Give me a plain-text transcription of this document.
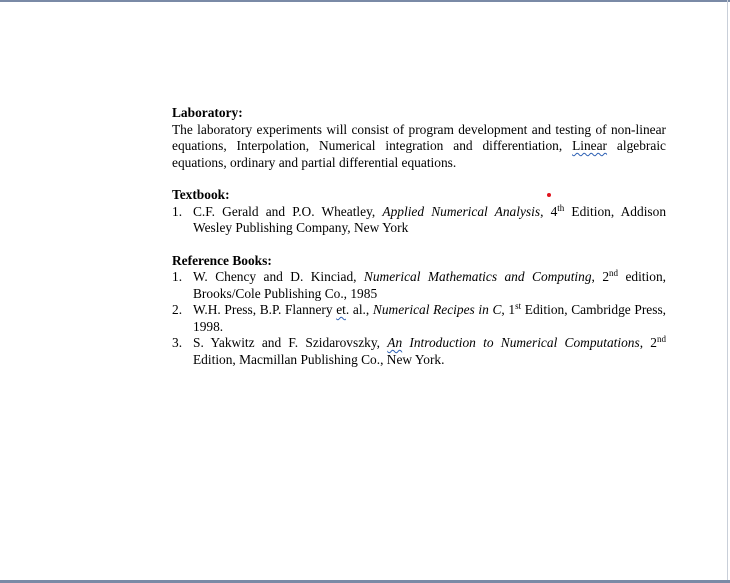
Laboratory:

The laboratory experiments will consist of program development and testing of non-linear equations, Interpolation, Numerical integration and differentiation, Linear algebraic equations, ordinary and partial differential equations.

Textbook:

1. C.F. Gerald and P.O. Wheatley, Applied Numerical Analysis, 4th Edition, Addison Wesley Publishing Company, New York

Reference Books:

1. W. Chency and D. Kinciad, Numerical Mathematics and Computing, 2nd edition, Brooks/Cole Publishing Co., 1985
2. W.H. Press, B.P. Flannery et. al., Numerical Recipes in C, 1st Edition, Cambridge Press, 1998.
3. S. Yakwitz and F. Szidarovszky, An Introduction to Numerical Computations, 2nd Edition, Macmillan Publishing Co., New York.
